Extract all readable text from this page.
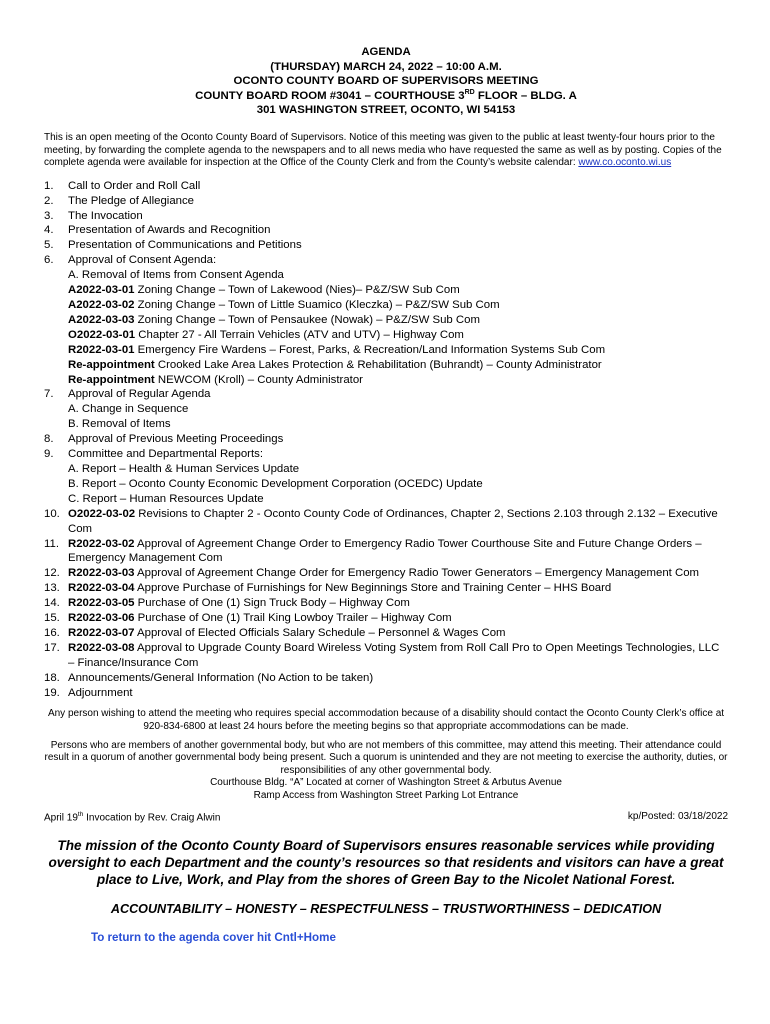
AGENDA
(THURSDAY) MARCH 24, 2022 – 10:00 A.M.
OCONTO COUNTY BOARD OF SUPERVISORS MEETING
COUNTY BOARD ROOM #3041 – COURTHOUSE 3RD FLOOR – BLDG. A
301 WASHINGTON STREET, OCONTO, WI 54153
This is an open meeting of the Oconto County Board of Supervisors. Notice of this meeting was given to the public at least twenty-four hours prior to the meeting, by forwarding the complete agenda to the newspapers and to all news media who have requested the same as well as by posting. Copies of the complete agenda were available for inspection at the Office of the County Clerk and from the County’s website calendar: www.co.oconto.wi.us
1.	Call to Order and Roll Call
2.	The Pledge of Allegiance
3.	The Invocation
4.	Presentation of Awards and Recognition
5.	Presentation of Communications and Petitions
6.	Approval of Consent Agenda:
A. Removal of Items from Consent Agenda
A2022-03-01 Zoning Change – Town of Lakewood (Nies)– P&Z/SW Sub Com
A2022-03-02 Zoning Change – Town of Little Suamico (Kleczka) – P&Z/SW Sub Com
A2022-03-03 Zoning Change – Town of Pensaukee (Nowak) – P&Z/SW Sub Com
O2022-03-01 Chapter 27 - All Terrain Vehicles (ATV and UTV) – Highway Com
R2022-03-01 Emergency Fire Wardens – Forest, Parks, & Recreation/Land Information Systems Sub Com
Re-appointment Crooked Lake Area Lakes Protection & Rehabilitation (Buhrandt) – County Administrator
Re-appointment NEWCOM (Kroll) – County Administrator
7.	Approval of Regular Agenda
A. Change in Sequence
B. Removal of Items
8.	Approval of Previous Meeting Proceedings
9.	Committee and Departmental Reports:
A. Report – Health & Human Services Update
B. Report – Oconto County Economic Development Corporation (OCEDC) Update
C. Report – Human Resources Update
10. O2022-03-02 Revisions to Chapter 2 - Oconto County Code of Ordinances, Chapter 2, Sections 2.103 through 2.132 – Executive Com
11. R2022-03-02 Approval of Agreement Change Order to Emergency Radio Tower Courthouse Site and Future Change Orders – Emergency Management Com
12. R2022-03-03 Approval of Agreement Change Order for Emergency Radio Tower Generators – Emergency Management Com
13. R2022-03-04 Approve Purchase of Furnishings for New Beginnings Store and Training Center – HHS Board
14. R2022-03-05 Purchase of One (1) Sign Truck Body – Highway Com
15. R2022-03-06 Purchase of One (1) Trail King Lowboy Trailer – Highway Com
16. R2022-03-07 Approval of Elected Officials Salary Schedule – Personnel & Wages Com
17. R2022-03-08 Approval to Upgrade County Board Wireless Voting System from Roll Call Pro to Open Meetings Technologies, LLC – Finance/Insurance Com
18. Announcements/General Information (No Action to be taken)
19. Adjournment

Any person wishing to attend the meeting who requires special accommodation because of a disability should contact the Oconto County Clerk’s office at 920-834-6800 at least 24 hours before the meeting begins so that appropriate accommodations can be made.

Persons who are members of another governmental body, but who are not members of this committee, may attend this meeting. Their attendance could result in a quorum of another governmental body being present. Such a quorum is unintended and they are not meeting to exercise the authority, duties, or responsibilities of any other governmental body.

Courthouse Bldg. “A” Located at corner of Washington Street & Arbutus Avenue
Ramp Access from Washington Street Parking Lot Entrance
April 19th Invocation by Rev. Craig Alwin	kp/Posted: 03/18/2022
The mission of the Oconto County Board of Supervisors ensures reasonable services while providing oversight to each Department and the county’s resources so that residents and visitors can have a great place to Live, Work, and Play from the shores of Green Bay to the Nicolet National Forest.
ACCOUNTABILITY – HONESTY – RESPECTFULNESS – TRUSTWORTHINESS – DEDICATION
To return to the agenda cover hit Cntl+Home
